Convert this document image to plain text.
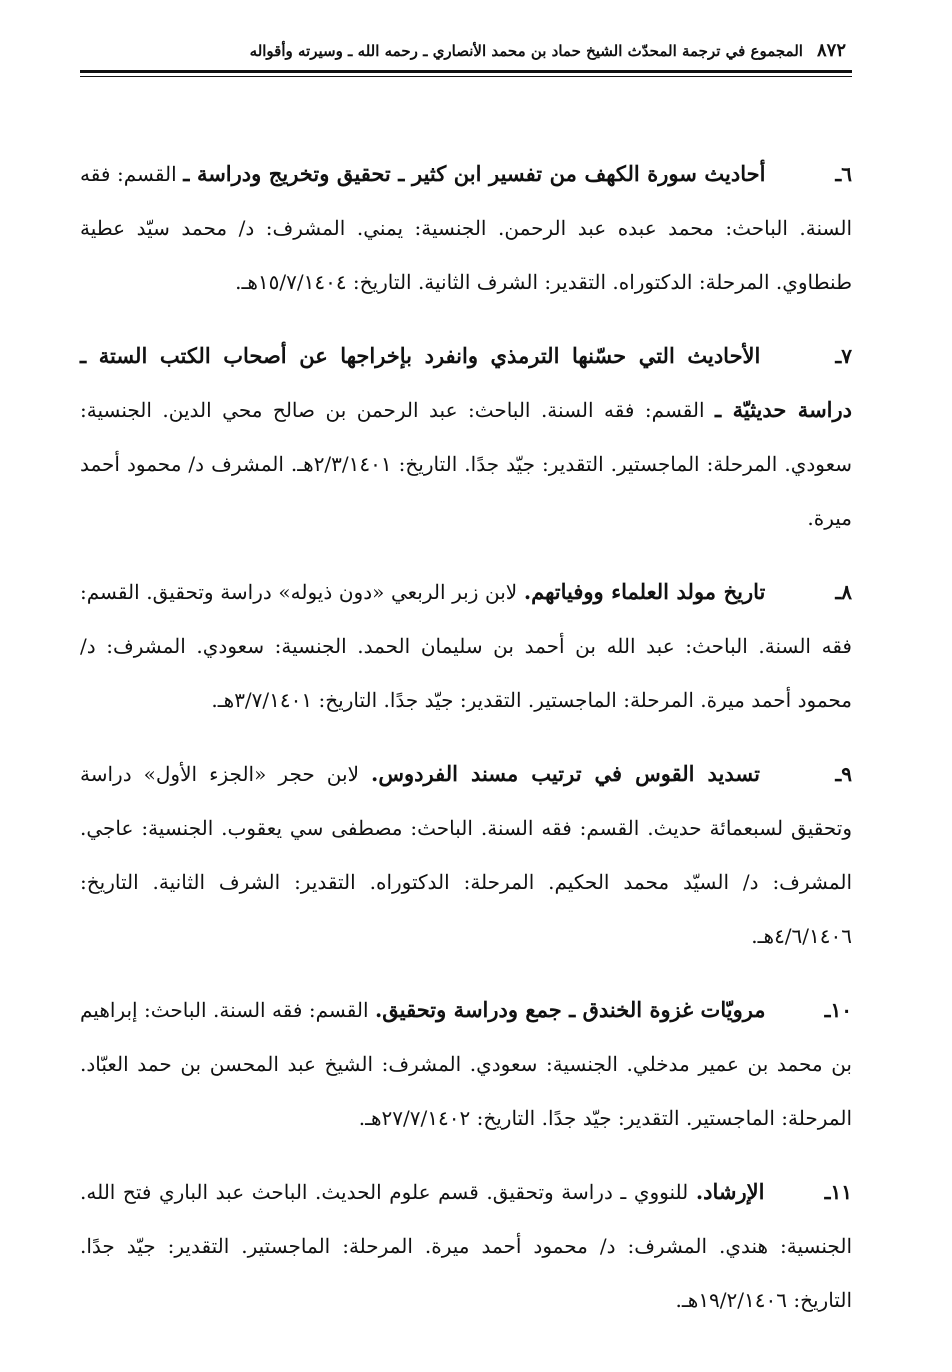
٨٧٢
المجموع في ترجمة المحدّث الشيخ حماد بن محمد الأنصاري ـ رحمه الله ـ وسيرته وأقواله

٦ـ أحاديث سورة الكهف من تفسير ابن كثير ـ تحقيق وتخريج ودراسة ـ القسم: فقه السنة. الباحث: محمد عبده عبد الرحمن. الجنسية: يمني. المشرف: د/ محمد سيّد عطية طنطاوي. المرحلة: الدكتوراه. التقدير: الشرف الثانية. التاريخ: ١٥/٧/١٤٠٤هـ.

٧ـ الأحاديث التي حسّنها الترمذي وانفرد بإخراجها عن أصحاب الكتب الستة ـ دراسة حديثيّة ـ القسم: فقه السنة. الباحث: عبد الرحمن بن صالح محي الدين. الجنسية: سعودي. المرحلة: الماجستير. التقدير: جيّد جدًا. التاريخ: ٢/٣/١٤٠١هـ. المشرف د/ محمود أحمد ميرة.

٨ـ تاريخ مولد العلماء ووفياتهم. لابن زبر الربعي «دون ذيوله» دراسة وتحقيق. القسم: فقه السنة. الباحث: عبد الله بن أحمد بن سليمان الحمد. الجنسية: سعودي. المشرف: د/ محمود أحمد ميرة. المرحلة: الماجستير. التقدير: جيّد جدًا. التاريخ: ٣/٧/١٤٠١هـ.

٩ـ تسديد القوس في ترتيب مسند الفردوس. لابن حجر «الجزء الأول» دراسة وتحقيق لسبعمائة حديث. القسم: فقه السنة. الباحث: مصطفى سي يعقوب. الجنسية: عاجي. المشرف: د/ السيّد محمد الحكيم. المرحلة: الدكتوراه. التقدير: الشرف الثانية. التاريخ: ٤/٦/١٤٠٦هـ.

١٠ـ مرويّات غزوة الخندق ـ جمع ودراسة وتحقيق. القسم: فقه السنة. الباحث: إبراهيم بن محمد بن عمير مدخلي. الجنسية: سعودي. المشرف: الشيخ عبد المحسن بن حمد العبّاد. المرحلة: الماجستير. التقدير: جيّد جدًا. التاريخ: ٢٧/٧/١٤٠٢هـ.

١١ـ الإرشاد. للنووي ـ دراسة وتحقيق. قسم علوم الحديث. الباحث عبد الباري فتح الله. الجنسية: هندي. المشرف: د/ محمود أحمد ميرة. المرحلة: الماجستير. التقدير: جيّد جدًا. التاريخ: ١٩/٢/١٤٠٦هـ.
